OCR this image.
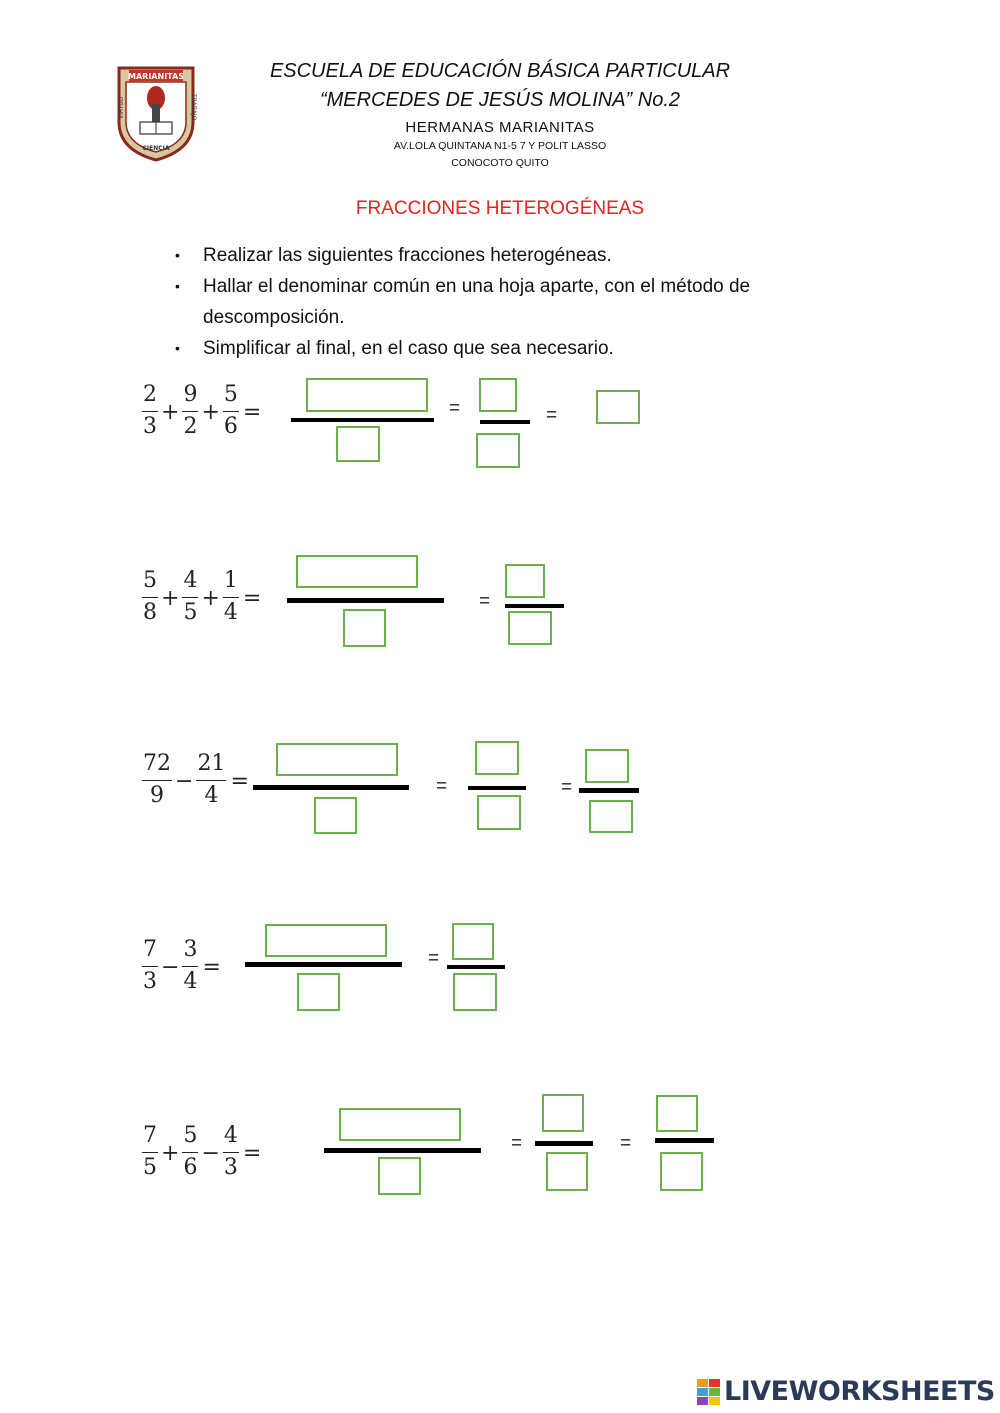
MARIANITAS
VIRTUD	TRABAJO
CIENCIA
ESCUELA DE EDUCACIÓN BÁSICA PARTICULAR
“MERCEDES DE JESÚS MOLINA” No.2
HERMANAS MARIANITAS
AV.LOLA QUINTANA N1-5 7 Y POLIT LASSO
CONOCOTO QUITO
FRACCIONES HETEROGÉNEAS
• Realizar las siguientes fracciones heterogéneas.
• Hallar el denominar común en una hoja aparte, con el método de descomposición.
• Simplificar al final, en el caso que sea necesario.
$\frac{2}{3} + \frac{9}{2} + \frac{5}{6}$ =	=	=
$\frac{5}{8} + \frac{4}{5} + \frac{1}{4}$ =	=
$\frac{72}{9} - \frac{21}{4}$ =	=	=
$\frac{7}{3} - \frac{3}{4}$ =	=
$\frac{7}{5} + \frac{5}{6} - \frac{4}{3}$ =	=	=
LIVEWORKSHEETS
